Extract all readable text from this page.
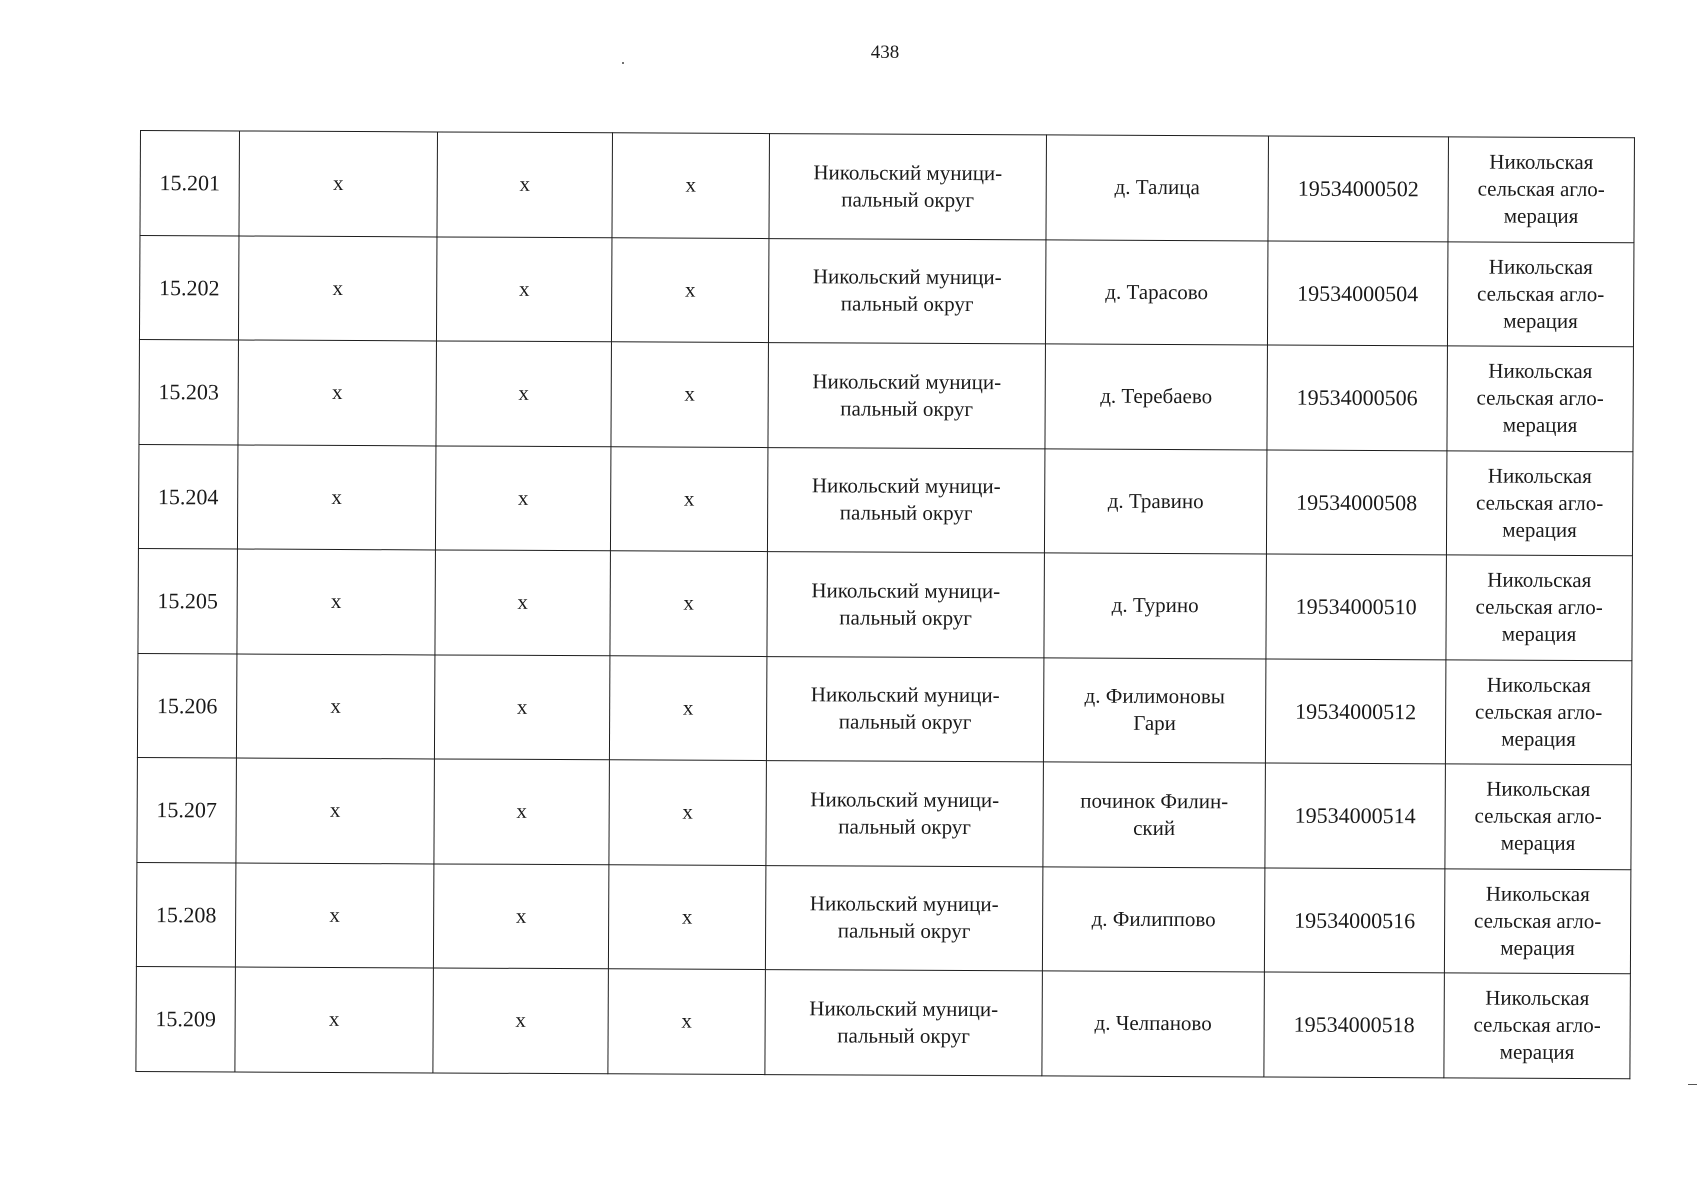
438
15.201	x	x	x	Никольский муници-
пальный округ	д. Талица	19534000502	Никольская
сельская агло-
мерация
15.202	x	x	x	Никольский муници-
пальный округ	д. Тарасово	19534000504	Никольская
сельская агло-
мерация
15.203	x	x	x	Никольский муници-
пальный округ	д. Теребаево	19534000506	Никольская
сельская агло-
мерация
15.204	x	x	x	Никольский муници-
пальный округ	д. Травино	19534000508	Никольская
сельская агло-
мерация
15.205	x	x	x	Никольский муници-
пальный округ	д. Турино	19534000510	Никольская
сельская агло-
мерация
15.206	x	x	x	Никольский муници-
пальный округ	д. Филимоновы
Гари	19534000512	Никольская
сельская агло-
мерация
15.207	x	x	x	Никольский муници-
пальный округ	починок Филин-
ский	19534000514	Никольская
сельская агло-
мерация
15.208	x	x	x	Никольский муници-
пальный округ	д. Филиппово	19534000516	Никольская
сельская агло-
мерация
15.209	x	x	x	Никольский муници-
пальный округ	д. Челпаново	19534000518	Никольская
сельская агло-
мерация
